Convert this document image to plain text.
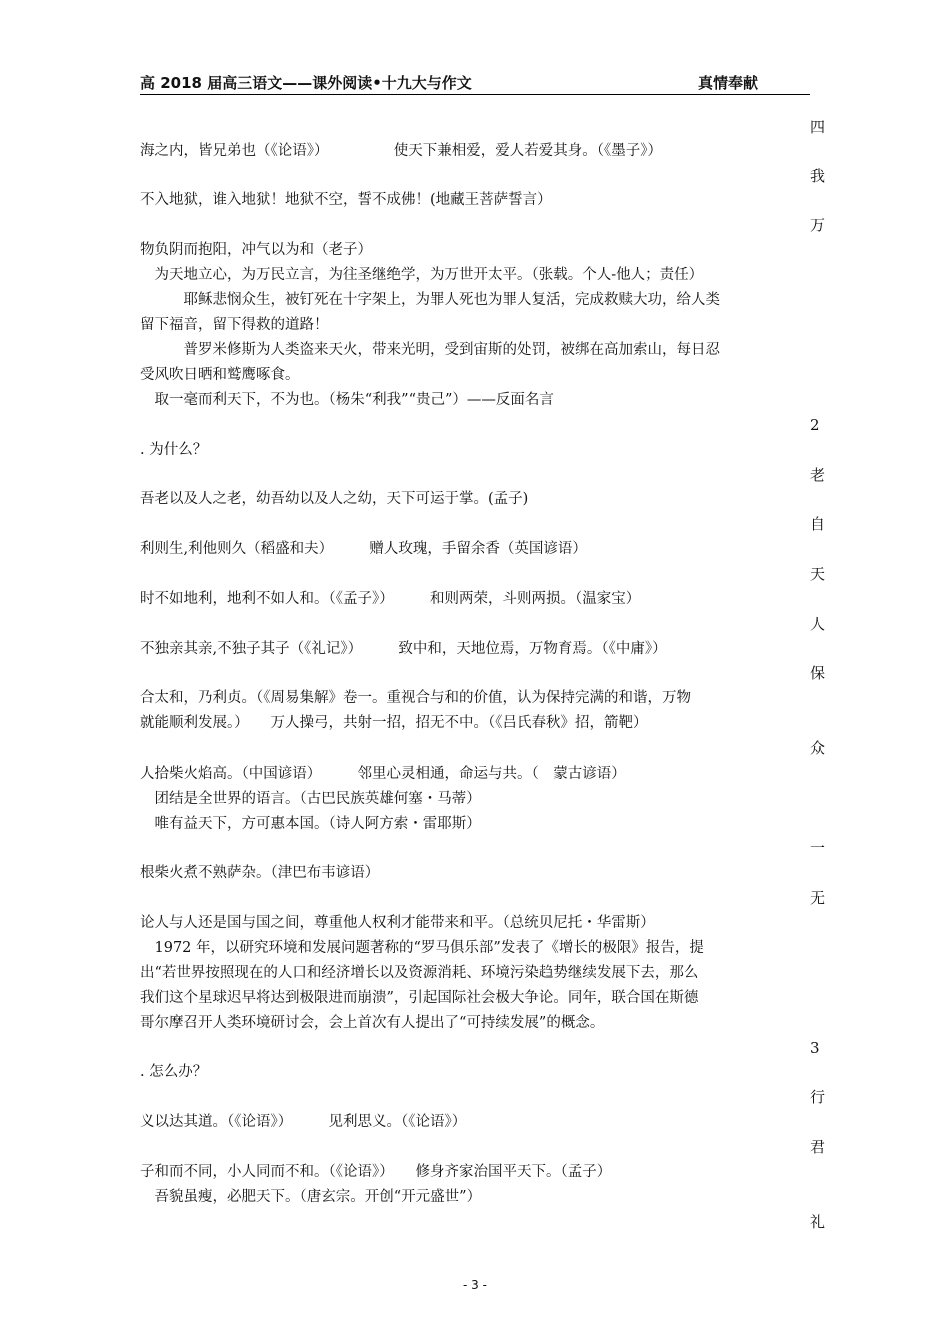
高 2018 届高三语文——课外阅读•十九大与作文	真情奉献
海之内，皆兄弟也（《论语》）　　　　　使天下兼相爱，爱人若爱其身。（《墨子》）
不入地狱，谁入地狱！地狱不空，誓不成佛！(地藏王菩萨誓言）
物负阴而抱阳，冲气以为和（老子）
　为天地立心，为万民立言，为往圣继绝学，为万世开太平。（张载。个人-他人；责任）
　　　耶稣悲悯众生，被钉死在十字架上，为罪人死也为罪人复活，完成救赎大功，给人类
留下福音，留下得救的道路！
　　　普罗米修斯为人类盗来天火，带来光明，受到宙斯的处罚，被绑在高加索山，每日忍
受风吹日晒和鹫鹰啄食。
　取一毫而利天下，不为也。（杨朱“利我”“贵己”）——反面名言
. 为什么？
吾老以及人之老，幼吾幼以及人之幼，天下可运于掌。(孟子)
利则生,利他则久（稻盛和夫）　　　赠人玫瑰，手留余香（英国谚语）
时不如地利，地利不如人和。（《孟子》）　　　和则两荣，斗则两损。（温家宝）
不独亲其亲,不独子其子（《礼记》）　　　致中和，天地位焉，万物育焉。（《中庸》）
合太和，乃利贞。（《周易集解》卷一。重视合与和的价值，认为保持完满的和谐，万物
就能顺利发展。）　　万人操弓，共射一招，招无不中。（《吕氏春秋》招，箭靶）
人拾柴火焰高。（中国谚语）　　　邻里心灵相通，命运与共。（　蒙古谚语）
　团结是全世界的语言。（古巴民族英雄何塞・马蒂）
　唯有益天下，方可惠本国。（诗人阿方索・雷耶斯）
根柴火煮不熟萨杂。（津巴布韦谚语）
论人与人还是国与国之间，尊重他人权利才能带来和平。（总统贝尼托・华雷斯）
　1972 年，以研究环境和发展问题著称的“罗马俱乐部”发表了《增长的极限》报告，提
出“若世界按照现在的人口和经济增长以及资源消耗、环境污染趋势继续发展下去，那么
我们这个星球迟早将达到极限进而崩溃”，引起国际社会极大争论。同年，联合国在斯德
哥尔摩召开人类环境研讨会，会上首次有人提出了“可持续发展”的概念。
. 怎么办？
义以达其道。（《论语》）　　　见利思义。（《论语》）
子和而不同，小人同而不和。（《论语》）　　修身齐家治国平天下。（孟子）
　吾貌虽瘦，必肥天下。（唐玄宗。开创“开元盛世”）
四
我
万
2
老
自
天
人
保
众
一
无
3
行
君
礼
- 3 -
